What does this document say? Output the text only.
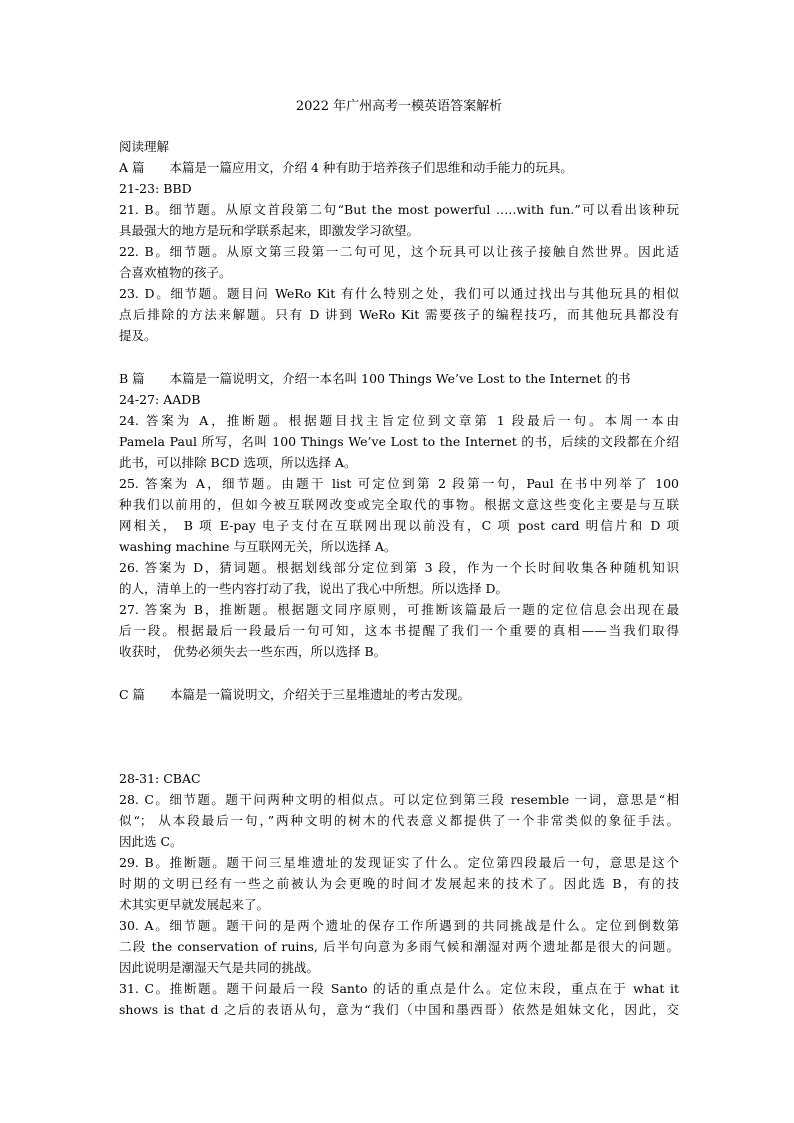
2022 年广州高考一模英语答案解析
阅读理解
A 篇　　本篇是一篇应用文，介绍 4 种有助于培养孩子们思维和动手能力的玩具。
21-23: BBD
21. B。细节题。从原文首段第二句“But the most powerful …..with fun.”可以看出该种玩
具最强大的地方是玩和学联系起来，即激发学习欲望。
22. B。细节题。从原文第三段第一二句可见，这个玩具可以让孩子接触自然世界。因此适
合喜欢植物的孩子。
23. D。细节题。题目问 WeRo Kit 有什么特别之处，我们可以通过找出与其他玩具的相似
点后排除的方法来解题。只有 D 讲到 WeRo Kit 需要孩子的编程技巧，而其他玩具都没有
提及。
B 篇　　本篇是一篇说明文，介绍一本名叫 100 Things We’ve Lost to the Internet 的书
24-27: AADB
24. 答案为 A，推断题。根据题目找主旨定位到文章第 1 段最后一句。本周一本由
Pamela Paul 所写，名叫 100 Things We’ve Lost to the Internet 的书，后续的文段都在介绍
此书，可以排除 BCD 选项，所以选择 A。
25. 答案为 A，细节题。由题干 list 可定位到第 2 段第一句，Paul 在书中列举了 100
种我们以前用的，但如今被互联网改变或完全取代的事物。根据文意这些变化主要是与互联
网相关， B 项 E-pay 电子支付在互联网出现以前没有，C 项 post card 明信片和 D 项
washing machine 与互联网无关，所以选择 A。
26. 答案为 D，猜词题。根据划线部分定位到第 3 段，作为一个长时间收集各种随机知识
的人，清单上的一些内容打动了我，说出了我心中所想。所以选择 D。
27. 答案为 B，推断题。根据题文同序原则，可推断该篇最后一题的定位信息会出现在最
后一段。根据最后一段最后一句可知，这本书提醒了我们一个重要的真相——当我们取得
收获时， 优势必须失去一些东西，所以选择 B。
C 篇　　本篇是一篇说明文，介绍关于三星堆遗址的考古发现。
28-31: CBAC
28. C。细节题。题干问两种文明的相似点。可以定位到第三段 resemble 一词，意思是“相
似“； 从本段最后一句，”两种文明的树木的代表意义都提供了一个非常类似的象征手法。
因此选 C。
29. B。推断题。题干问三星堆遗址的发现证实了什么。定位第四段最后一句，意思是这个
时期的文明已经有一些之前被认为会更晚的时间才发展起来的技术了。因此选 B，有的技
术其实更早就发展起来了。
30. A。细节题。题干问的是两个遗址的保存工作所遇到的共同挑战是什么。定位到倒数第
二段 the conservation of ruins, 后半句向意为多雨气候和潮湿对两个遗址都是很大的问题。
因此说明是潮湿天气是共同的挑战。
31. C。推断题。题干问最后一段 Santo 的话的重点是什么。定位末段，重点在于 what it
shows is that d 之后的表语从句，意为“我们（中国和墨西哥）依然是姐妹文化，因此，交
